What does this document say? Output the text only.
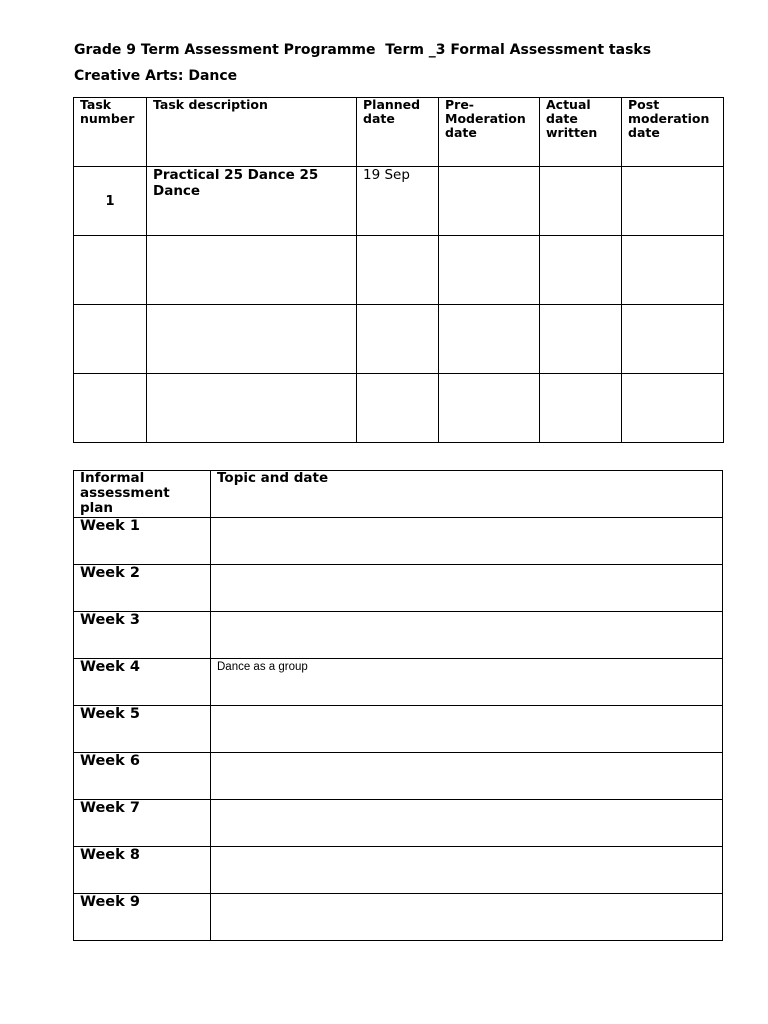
Grade 9 Term Assessment Programme  Term _3 Formal Assessment tasks
Creative Arts: Dance
Task number	Task description	Planned date	Pre-Moderation date	Actual date written	Post moderation date
1	Practical 25 Dance 25 Dance	19 Sep			

Informal assessment plan	Topic and date
Week 1	
Week 2	
Week 3	
Week 4	Dance as a group
Week 5	
Week 6	
Week 7	
Week 8	
Week 9	
